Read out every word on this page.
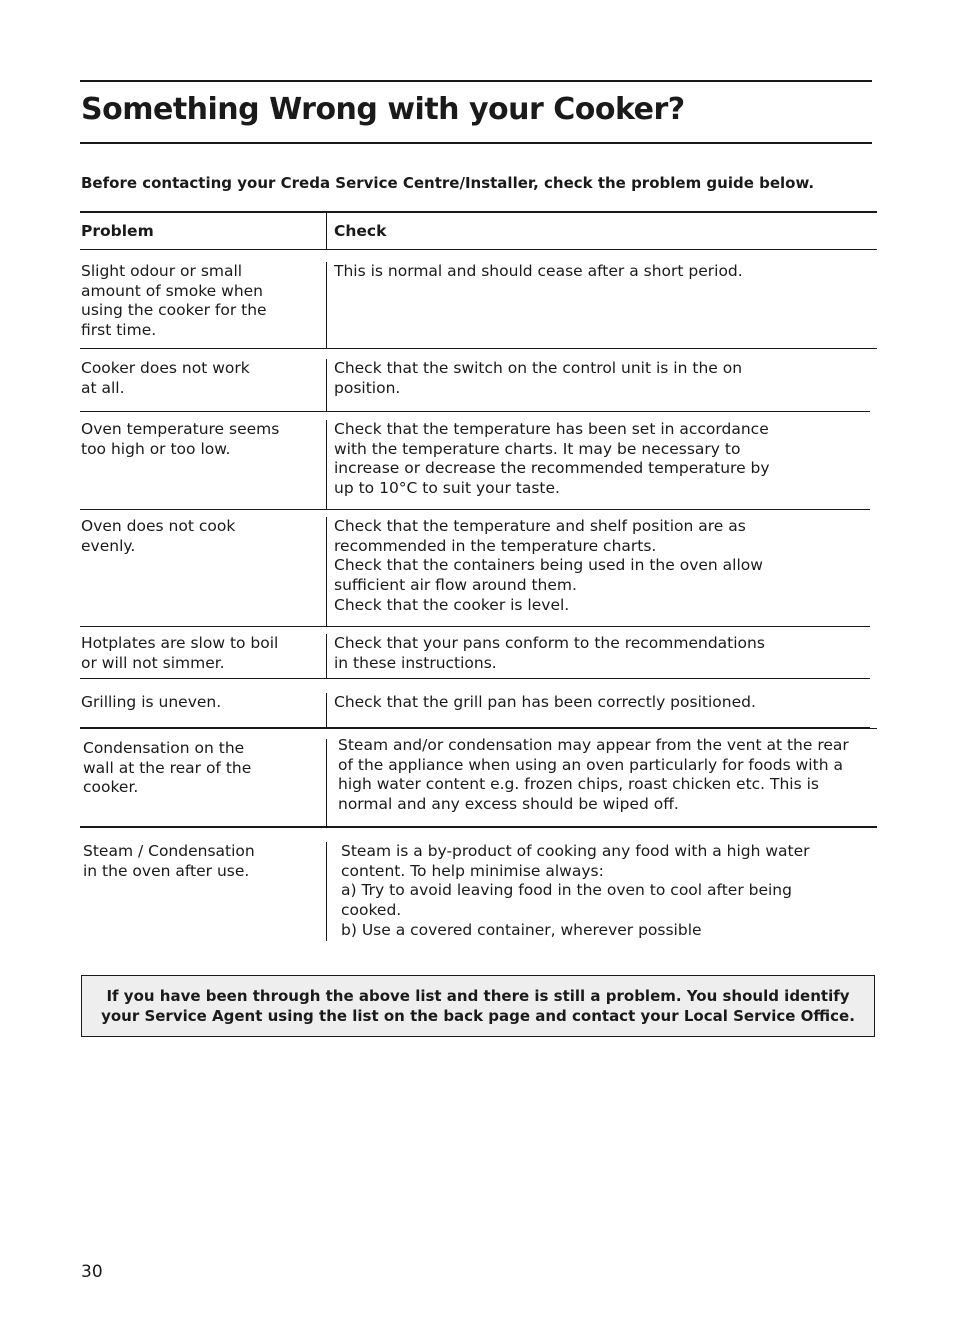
Something Wrong with your Cooker?
Before contacting your Creda Service Centre/Installer, check the problem guide below.
Problem	Check
Slight odour or small
amount of smoke when
using the cooker for the
first time.
This is normal and should cease after a short period.
Cooker does not work
at all.
Check that the switch on the control unit is in the on
position.
Oven temperature seems
too high or too low.
Check that the temperature has been set in accordance
with the temperature charts. It may be necessary to
increase or decrease the recommended temperature by
up to 10°C to suit your taste.
Oven does not cook
evenly.
Check that the temperature and shelf position are as
recommended in the temperature charts.
Check that the containers being used in the oven allow
sufficient air flow around them.
Check that the cooker is level.
Hotplates are slow to boil
or will not simmer.
Check that your pans conform to the recommendations
in these instructions.
Grilling is uneven.	Check that the grill pan has been correctly positioned.
Condensation on the
wall at the rear of the
cooker.
Steam and/or condensation may appear from the vent at the rear
of the appliance when using an oven particularly for foods with a
high water content e.g. frozen chips, roast chicken etc. This is
normal and any excess should be wiped off.
Steam / Condensation
in the oven after use.
Steam is a by-product of cooking any food with a high water
content. To help minimise always:
a) Try to avoid leaving food in the oven to cool after being
cooked.
b) Use a covered container, wherever possible
If you have been through the above list and there is still a problem. You should identify
your Service Agent using the list on the back page and contact your Local Service Office.
30
